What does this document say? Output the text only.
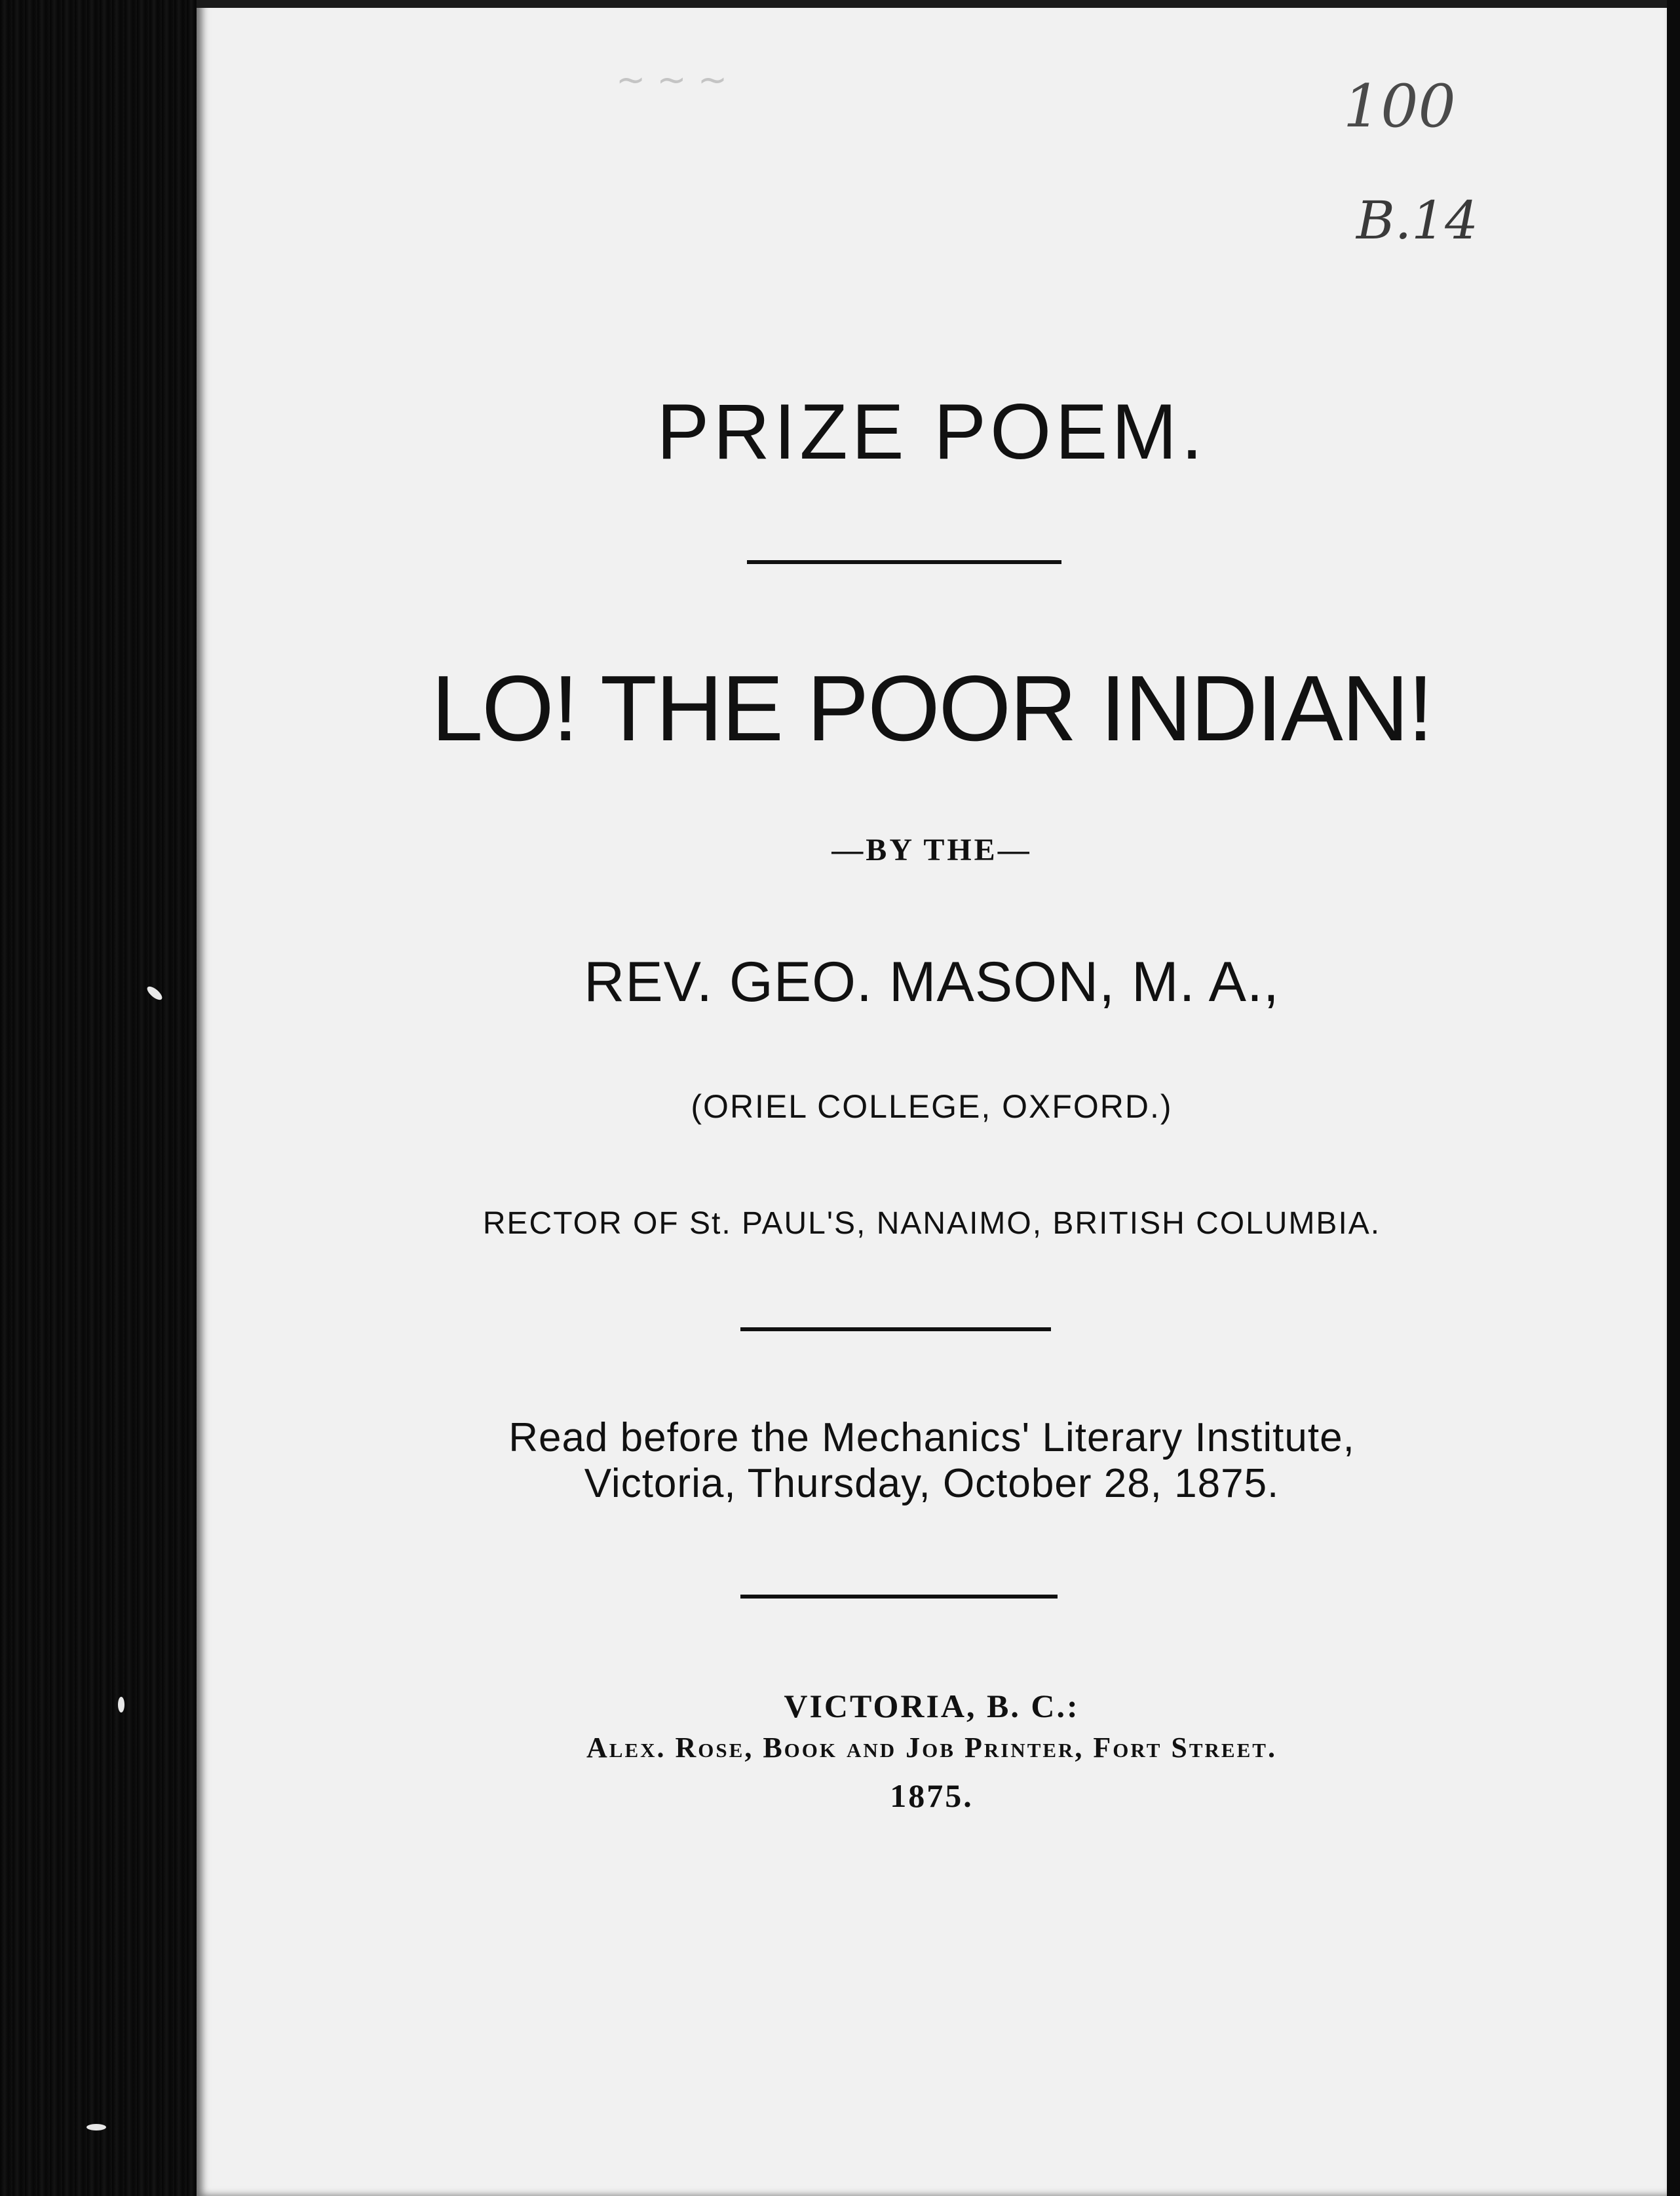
~ ~ ~	100
B.14
PRIZE POEM.
LO! THE POOR INDIAN!
—BY THE—
REV. GEO. MASON, M. A.,
(ORIEL COLLEGE, OXFORD.)
RECTOR OF St. PAUL'S, NANAIMO, BRITISH COLUMBIA.
Read before the Mechanics' Literary Institute,
Victoria, Thursday, October 28, 1875.
VICTORIA, B. C.:
Alex. Rose, Book and Job Printer, Fort Street.
1875.
